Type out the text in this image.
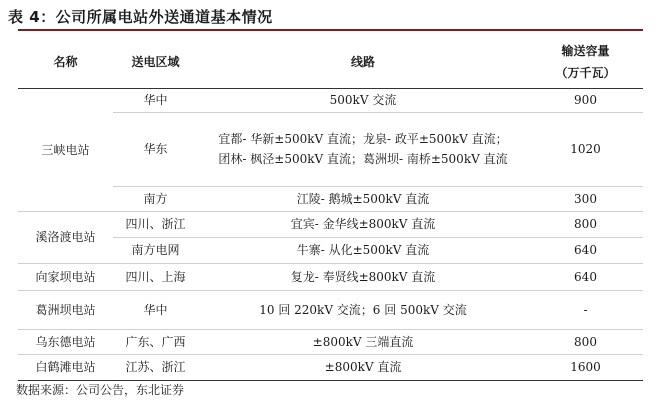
表 4：公司所属电站外送通道基本情况
名称	送电区域	线路	输送容量
（万千瓦）

三峡电站	华中	500kV 交流	900
	华东	宜都- 华新±500kV 直流；龙泉- 政平±500kV 直流；
团林- 枫泾±500kV 直流；葛洲坝- 南桥±500kV 直流	1020
	南方	江陵- 鹅城±500kV 直流	300
溪洛渡电站	四川、浙江	宜宾- 金华线±800kV 直流	800
	南方电网	牛寨- 从化±500kV 直流	640
向家坝电站	四川、上海	复龙- 奉贤线±800kV 直流	640
葛洲坝电站	华中	10 回 220kV 交流；6 回 500kV 交流	-
乌东德电站	广东、广西	±800kV 三端直流	800
白鹤滩电站	江苏、浙江	±800kV 直流	1600
数据来源：公司公告，东北证券
